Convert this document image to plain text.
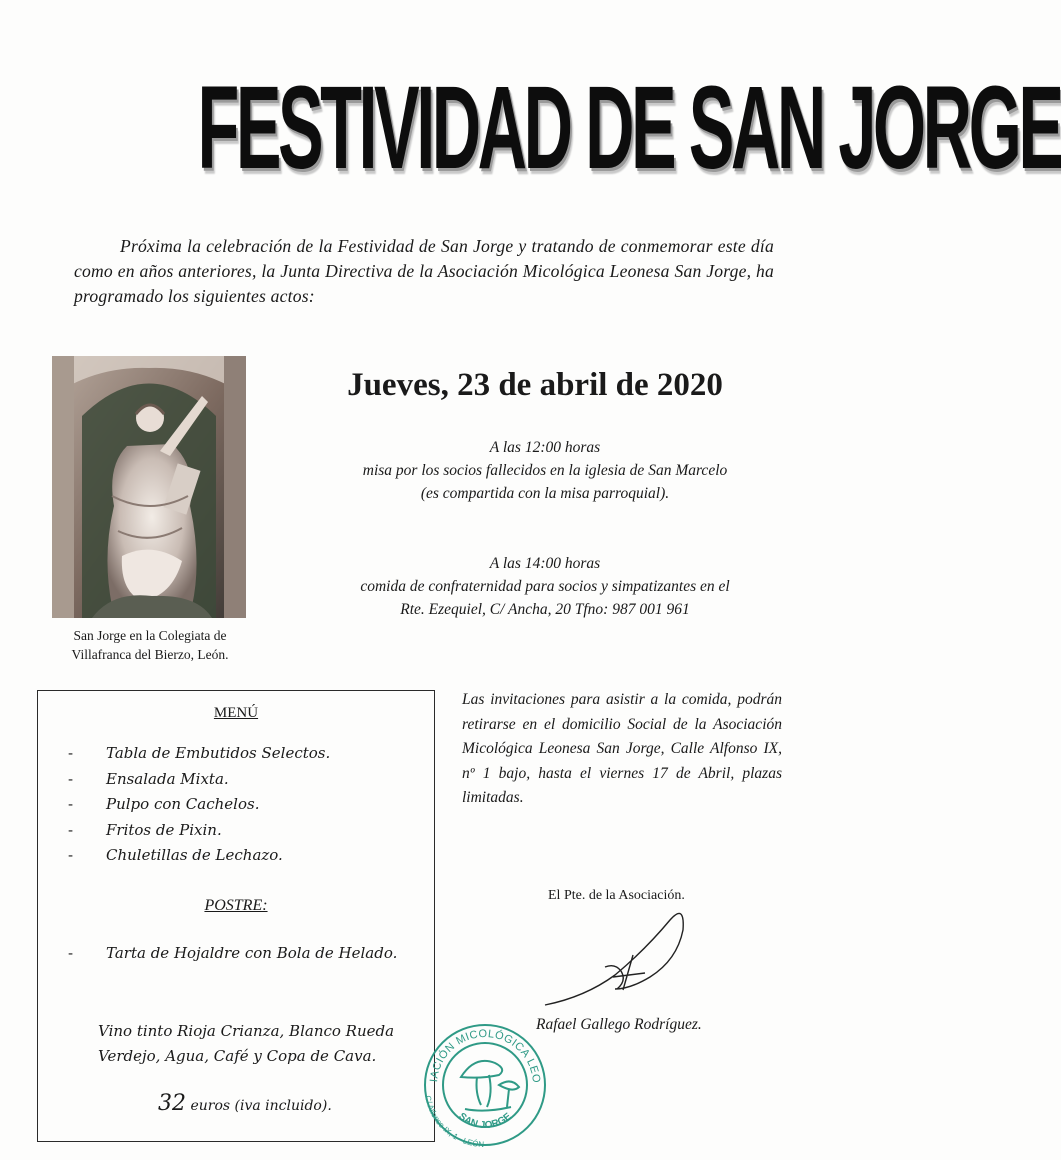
FESTIVIDAD DE SAN JORGE

Próxima la celebración de la Festividad de San Jorge y tratando de conmemorar este día como en años anteriores, la Junta Directiva de la Asociación Micológica Leonesa San Jorge, ha programado los siguientes actos:

San Jorge en la Colegiata de
Villafranca del Bierzo, León.

Jueves, 23 de abril de 2020

A las 12:00 horas
misa por los socios fallecidos en la iglesia de San Marcelo
(es compartida con la misa parroquial).

A las 14:00 horas
comida de confraternidad para socios y simpatizantes en el
Rte. Ezequiel, C/ Ancha, 20 Tfno: 987 001 961

MENÚ
- Tabla de Embutidos Selectos.
- Ensalada Mixta.
- Pulpo con Cachelos.
- Fritos de Pixin.
- Chuletillas de Lechazo.
POSTRE:
- Tarta de Hojaldre con Bola de Helado.

Vino tinto Rioja Crianza, Blanco Rueda
Verdejo, Agua, Café y Copa de Cava.

32 euros (iva incluido).

Las invitaciones para asistir a la comida, podrán retirarse en el domicilio Social de la Asociación Micológica Leonesa San Jorge, Calle Alfonso IX, nº 1 bajo, hasta el viernes 17 de Abril, plazas limitadas.

El Pte. de la Asociación.

Rafael Gallego Rodríguez.

IACIÓN MICOLÓGICA LEO
SAN JORGE
C/ Alfonso IX, 1 - LEÓN
